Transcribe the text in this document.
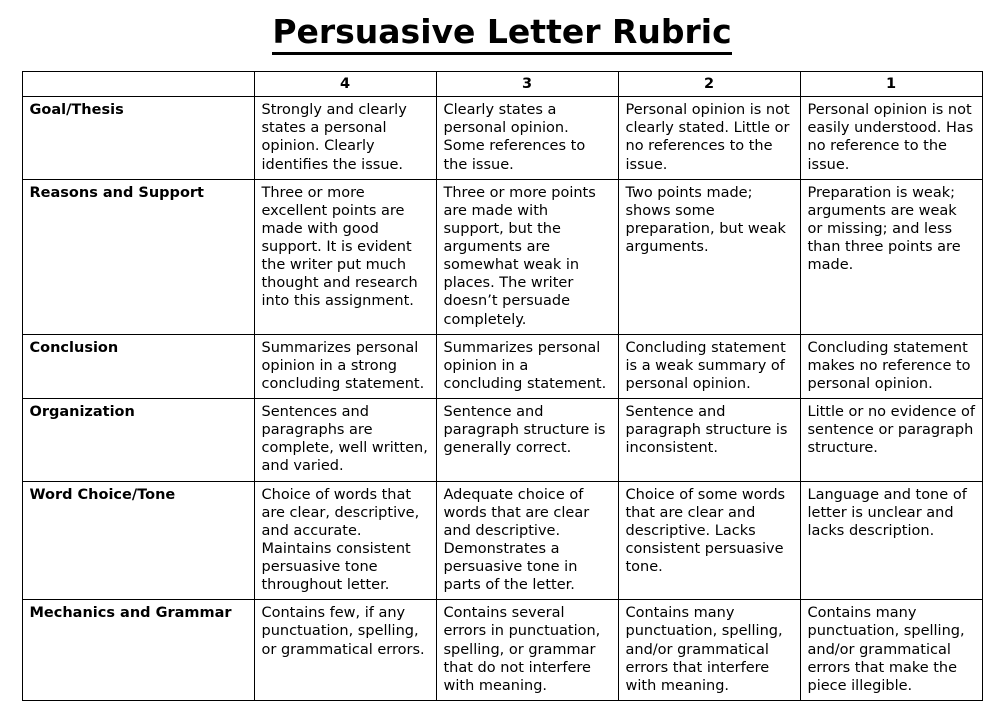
Persuasive Letter Rubric
	4	3	2	1
Goal/Thesis	Strongly and clearly states a personal opinion. Clearly identifies the issue.	Clearly states a personal opinion. Some references to the issue.	Personal opinion is not clearly stated. Little or no references to the issue.	Personal opinion is not easily understood. Has no reference to the issue.
Reasons and Support	Three or more excellent points are made with good support. It is evident the writer put much thought and research into this assignment.	Three or more points are made with support, but the arguments are somewhat weak in places. The writer doesn’t persuade completely.	Two points made; shows some preparation, but weak arguments.	Preparation is weak; arguments are weak or missing; and less than three points are made.
Conclusion	Summarizes personal opinion in a strong concluding statement.	Summarizes personal opinion in a concluding statement.	Concluding statement is a weak summary of personal opinion.	Concluding statement makes no reference to personal opinion.
Organization	Sentences and paragraphs are complete, well written, and varied.	Sentence and paragraph structure is generally correct.	Sentence and paragraph structure is inconsistent.	Little or no evidence of sentence or paragraph structure.
Word Choice/Tone	Choice of words that are clear, descriptive, and accurate. Maintains consistent persuasive tone throughout letter.	Adequate choice of words that are clear and descriptive. Demonstrates a persuasive tone in parts of the letter.	Choice of some words that are clear and descriptive. Lacks consistent persuasive tone.	Language and tone of letter is unclear and lacks description.
Mechanics and Grammar	Contains few, if any punctuation, spelling, or grammatical errors.	Contains several errors in punctuation, spelling, or grammar that do not interfere with meaning.	Contains many punctuation, spelling, and/or grammatical errors that interfere with meaning.	Contains many punctuation, spelling, and/or grammatical errors that make the piece illegible.
